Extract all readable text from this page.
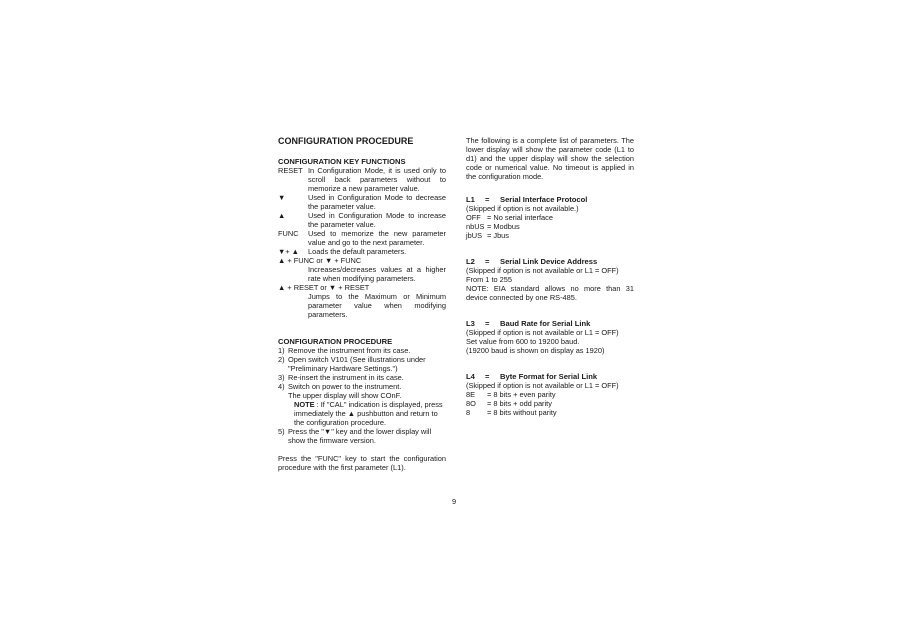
CONFIGURATION PROCEDURE
CONFIGURATION KEY FUNCTIONS
RESET In Configuration Mode, it is used only to scroll back parameters without to memorize a new parameter value.
▼	Used in Configuration Mode to decrease the parameter value.
▲	Used in Configuration Mode to increase the parameter value.
FUNC	Used to memorize the new parameter value and go to the next parameter.
▼+ ▲	Loads the default parameters.
▲ + FUNC or ▼ + FUNC
Increases/decreases values at a higher rate when modifying parameters.
▲ + RESET or ▼ + RESET
Jumps to the Maximum or Minimum parameter value when modifying parameters.
CONFIGURATION PROCEDURE
1) Remove the instrument from its case.
2) Open switch V101 (See illustrations under "Preliminary Hardware Settings.")
3) Re-insert the instrument in its case.
4) Switch on power to the instrument.
The upper display will show COnF.
NOTE : If "CAL" indication is displayed, press immediately the ▲ pushbutton and return to the configuration procedure.
5) Press the "▼" key and the lower display will show the firmware version.
Press the "FUNC" key to start the configuration procedure with the first parameter (L1).
The following is a complete list of parameters. The lower display will show the parameter code (L1 to d1) and the upper display will show the selection code or numerical value. No timeout is applied in the configuration mode.
L1	=	Serial Interface Protocol
(Skipped if option is not available.)
OFF = No serial interface
nbUS = Modbus
jbUS = Jbus
L2	=	Serial Link Device Address
(Skipped if option is not available or L1 = OFF)
From 1 to 255
NOTE: EIA standard allows no more than 31 device connected by one RS-485.
L3	=	Baud Rate for Serial Link
(Skipped if option is not available or L1 = OFF)
Set value from 600 to 19200 baud.
(19200 baud is shown on display as 1920)
L4	=	Byte Format for Serial Link
(Skipped if option is not available or L1 = OFF)
8E	= 8 bits + even parity
8O	= 8 bits + odd parity
8	= 8 bits without parity
9
